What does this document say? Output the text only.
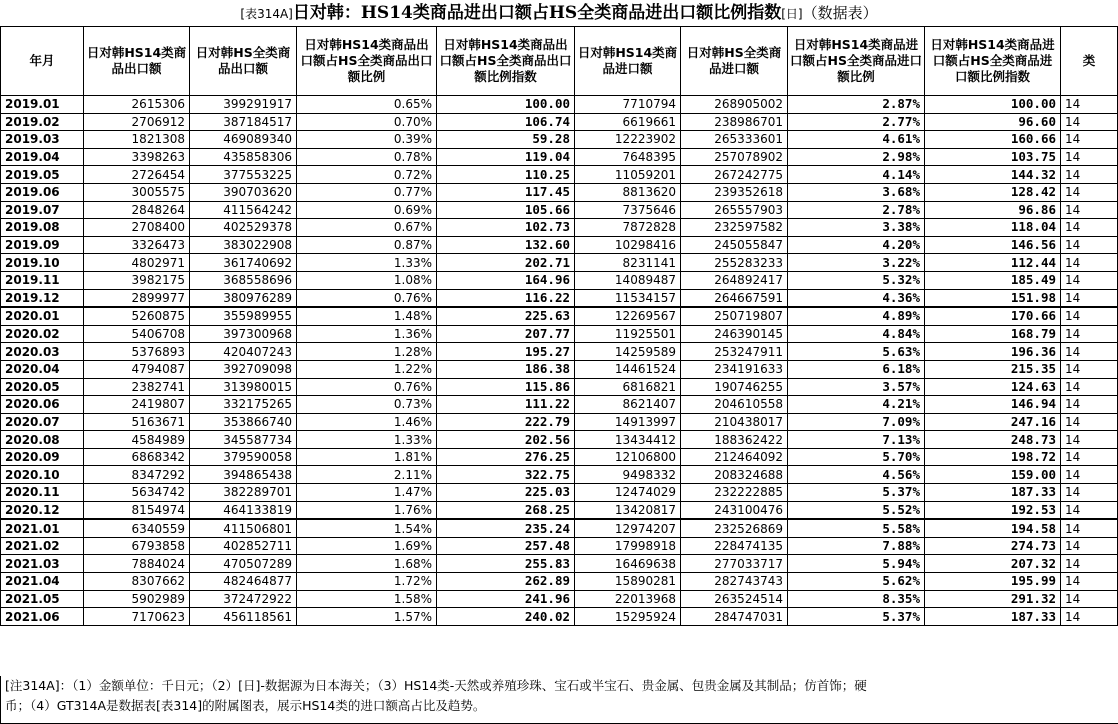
[表314A]日对韩：HS14类商品进出口额占HS全类商品进出口额比例指数[日]（数据表）
年月	日对韩HS14类商品出口额	日对韩HS全类商品出口额	日对韩HS14类商品出口额占HS全类商品出口额比例	日对韩HS14类商品出口额占HS全类商品出口额比例指数	日对韩HS14类商品进口额	日对韩HS全类商品进口额	日对韩HS14类商品进口额占HS全类商品进口额比例	日对韩HS14类商品进口额占HS全类商品进口额比例指数	类
2019.01	2615306	399291917	0.65%	100.00	7710794	268905002	2.87%	100.00	14
2019.02	2706912	387184517	0.70%	106.74	6619661	238986701	2.77%	96.60	14
2019.03	1821308	469089340	0.39%	59.28	12223902	265333601	4.61%	160.66	14
2019.04	3398263	435858306	0.78%	119.04	7648395	257078902	2.98%	103.75	14
2019.05	2726454	377553225	0.72%	110.25	11059201	267242775	4.14%	144.32	14
2019.06	3005575	390703620	0.77%	117.45	8813620	239352618	3.68%	128.42	14
2019.07	2848264	411564242	0.69%	105.66	7375646	265557903	2.78%	96.86	14
2019.08	2708400	402529378	0.67%	102.73	7872828	232597582	3.38%	118.04	14
2019.09	3326473	383022908	0.87%	132.60	10298416	245055847	4.20%	146.56	14
2019.10	4802971	361740692	1.33%	202.71	8231141	255283233	3.22%	112.44	14
2019.11	3982175	368558696	1.08%	164.96	14089487	264892417	5.32%	185.49	14
2019.12	2899977	380976289	0.76%	116.22	11534157	264667591	4.36%	151.98	14
2020.01	5260875	355989955	1.48%	225.63	12269567	250719807	4.89%	170.66	14
2020.02	5406708	397300968	1.36%	207.77	11925501	246390145	4.84%	168.79	14
2020.03	5376893	420407243	1.28%	195.27	14259589	253247911	5.63%	196.36	14
2020.04	4794087	392709098	1.22%	186.38	14461524	234191633	6.18%	215.35	14
2020.05	2382741	313980015	0.76%	115.86	6816821	190746255	3.57%	124.63	14
2020.06	2419807	332175265	0.73%	111.22	8621407	204610558	4.21%	146.94	14
2020.07	5163671	353866740	1.46%	222.79	14913997	210438017	7.09%	247.16	14
2020.08	4584989	345587734	1.33%	202.56	13434412	188362422	7.13%	248.73	14
2020.09	6868342	379590058	1.81%	276.25	12106800	212464092	5.70%	198.72	14
2020.10	8347292	394865438	2.11%	322.75	9498332	208324688	4.56%	159.00	14
2020.11	5634742	382289701	1.47%	225.03	12474029	232222885	5.37%	187.33	14
2020.12	8154974	464133819	1.76%	268.25	13420817	243100476	5.52%	192.53	14
2021.01	6340559	411506801	1.54%	235.24	12974207	232526869	5.58%	194.58	14
2021.02	6793858	402852711	1.69%	257.48	17998918	228474135	7.88%	274.73	14
2021.03	7884024	470507289	1.68%	255.83	16469638	277033717	5.94%	207.32	14
2021.04	8307662	482464877	1.72%	262.89	15890281	282743743	5.62%	195.99	14
2021.05	5902989	372472922	1.58%	241.96	22013968	263524514	8.35%	291.32	14
2021.06	7170623	456118561	1.57%	240.02	15295924	284747031	5.37%	187.33	14
[注314A]：（1）金额单位：千日元；（2）[日]-数据源为日本海关；（3）HS14类-天然或养殖珍珠、宝石或半宝石、贵金属、包贵金属及其制品；仿首饰；硬
币；（4）GT314A是数据表[表314]的附属图表，展示HS14类的进口额高占比及趋势。
